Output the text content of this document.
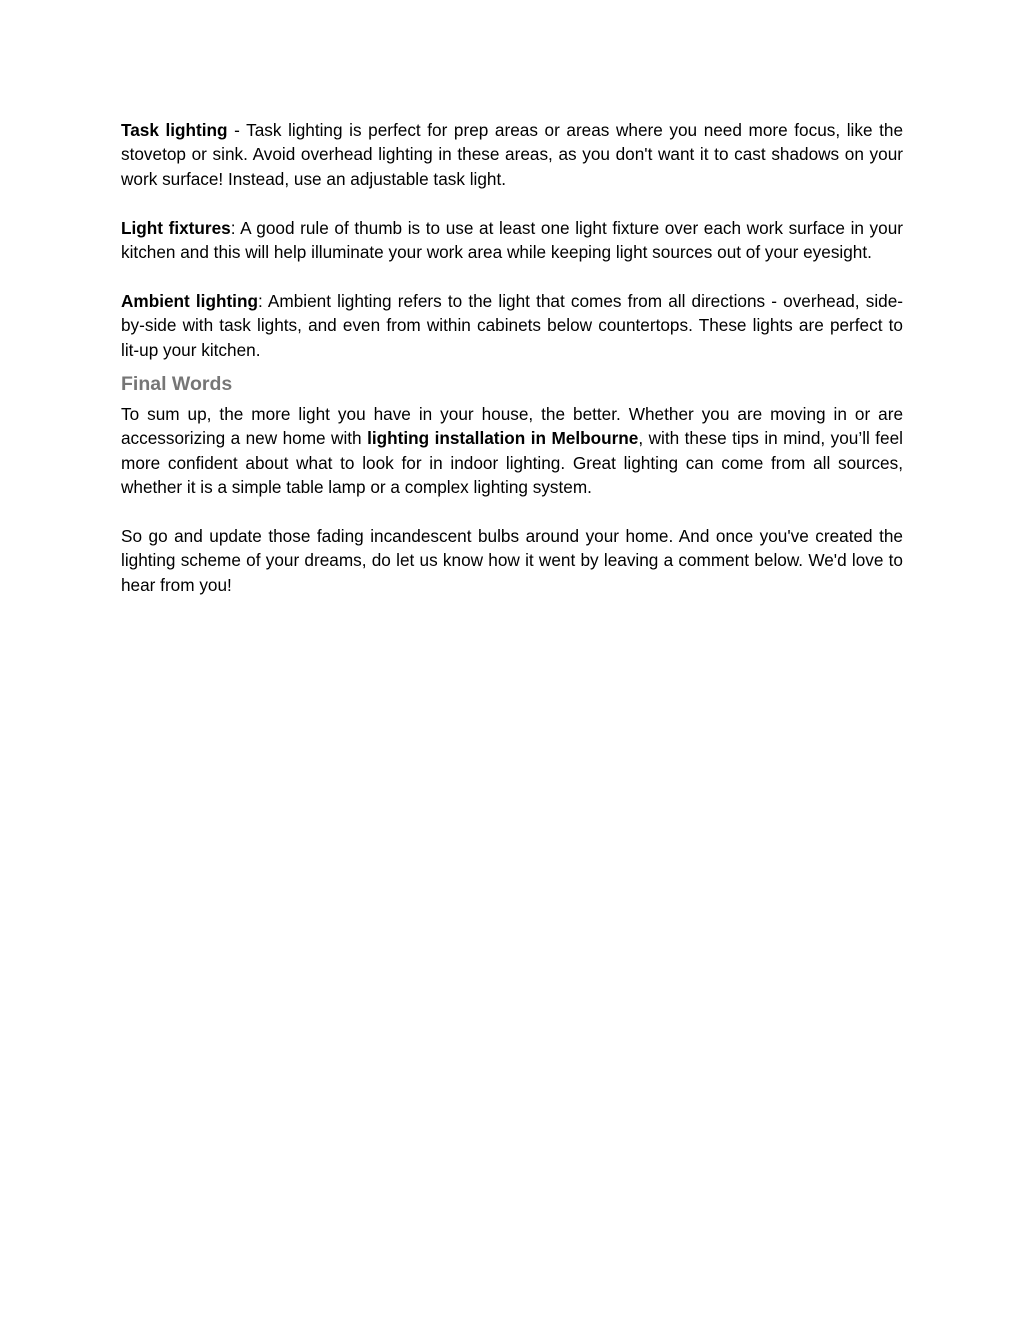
Task lighting - Task lighting is perfect for prep areas or areas where you need more focus, like the stovetop or sink. Avoid overhead lighting in these areas, as you don't want it to cast shadows on your work surface! Instead, use an adjustable task light.

Light fixtures: A good rule of thumb is to use at least one light fixture over each work surface in your kitchen and this will help illuminate your work area while keeping light sources out of your eyesight.

Ambient lighting: Ambient lighting refers to the light that comes from all directions - overhead, side-by-side with task lights, and even from within cabinets below countertops. These lights are perfect to lit-up your kitchen.

Final Words

To sum up, the more light you have in your house, the better. Whether you are moving in or are accessorizing a new home with lighting installation in Melbourne, with these tips in mind, you’ll feel more confident about what to look for in indoor lighting. Great lighting can come from all sources, whether it is a simple table lamp or a complex lighting system.

So go and update those fading incandescent bulbs around your home. And once you've created the lighting scheme of your dreams, do let us know how it went by leaving a comment below. We'd love to hear from you!
